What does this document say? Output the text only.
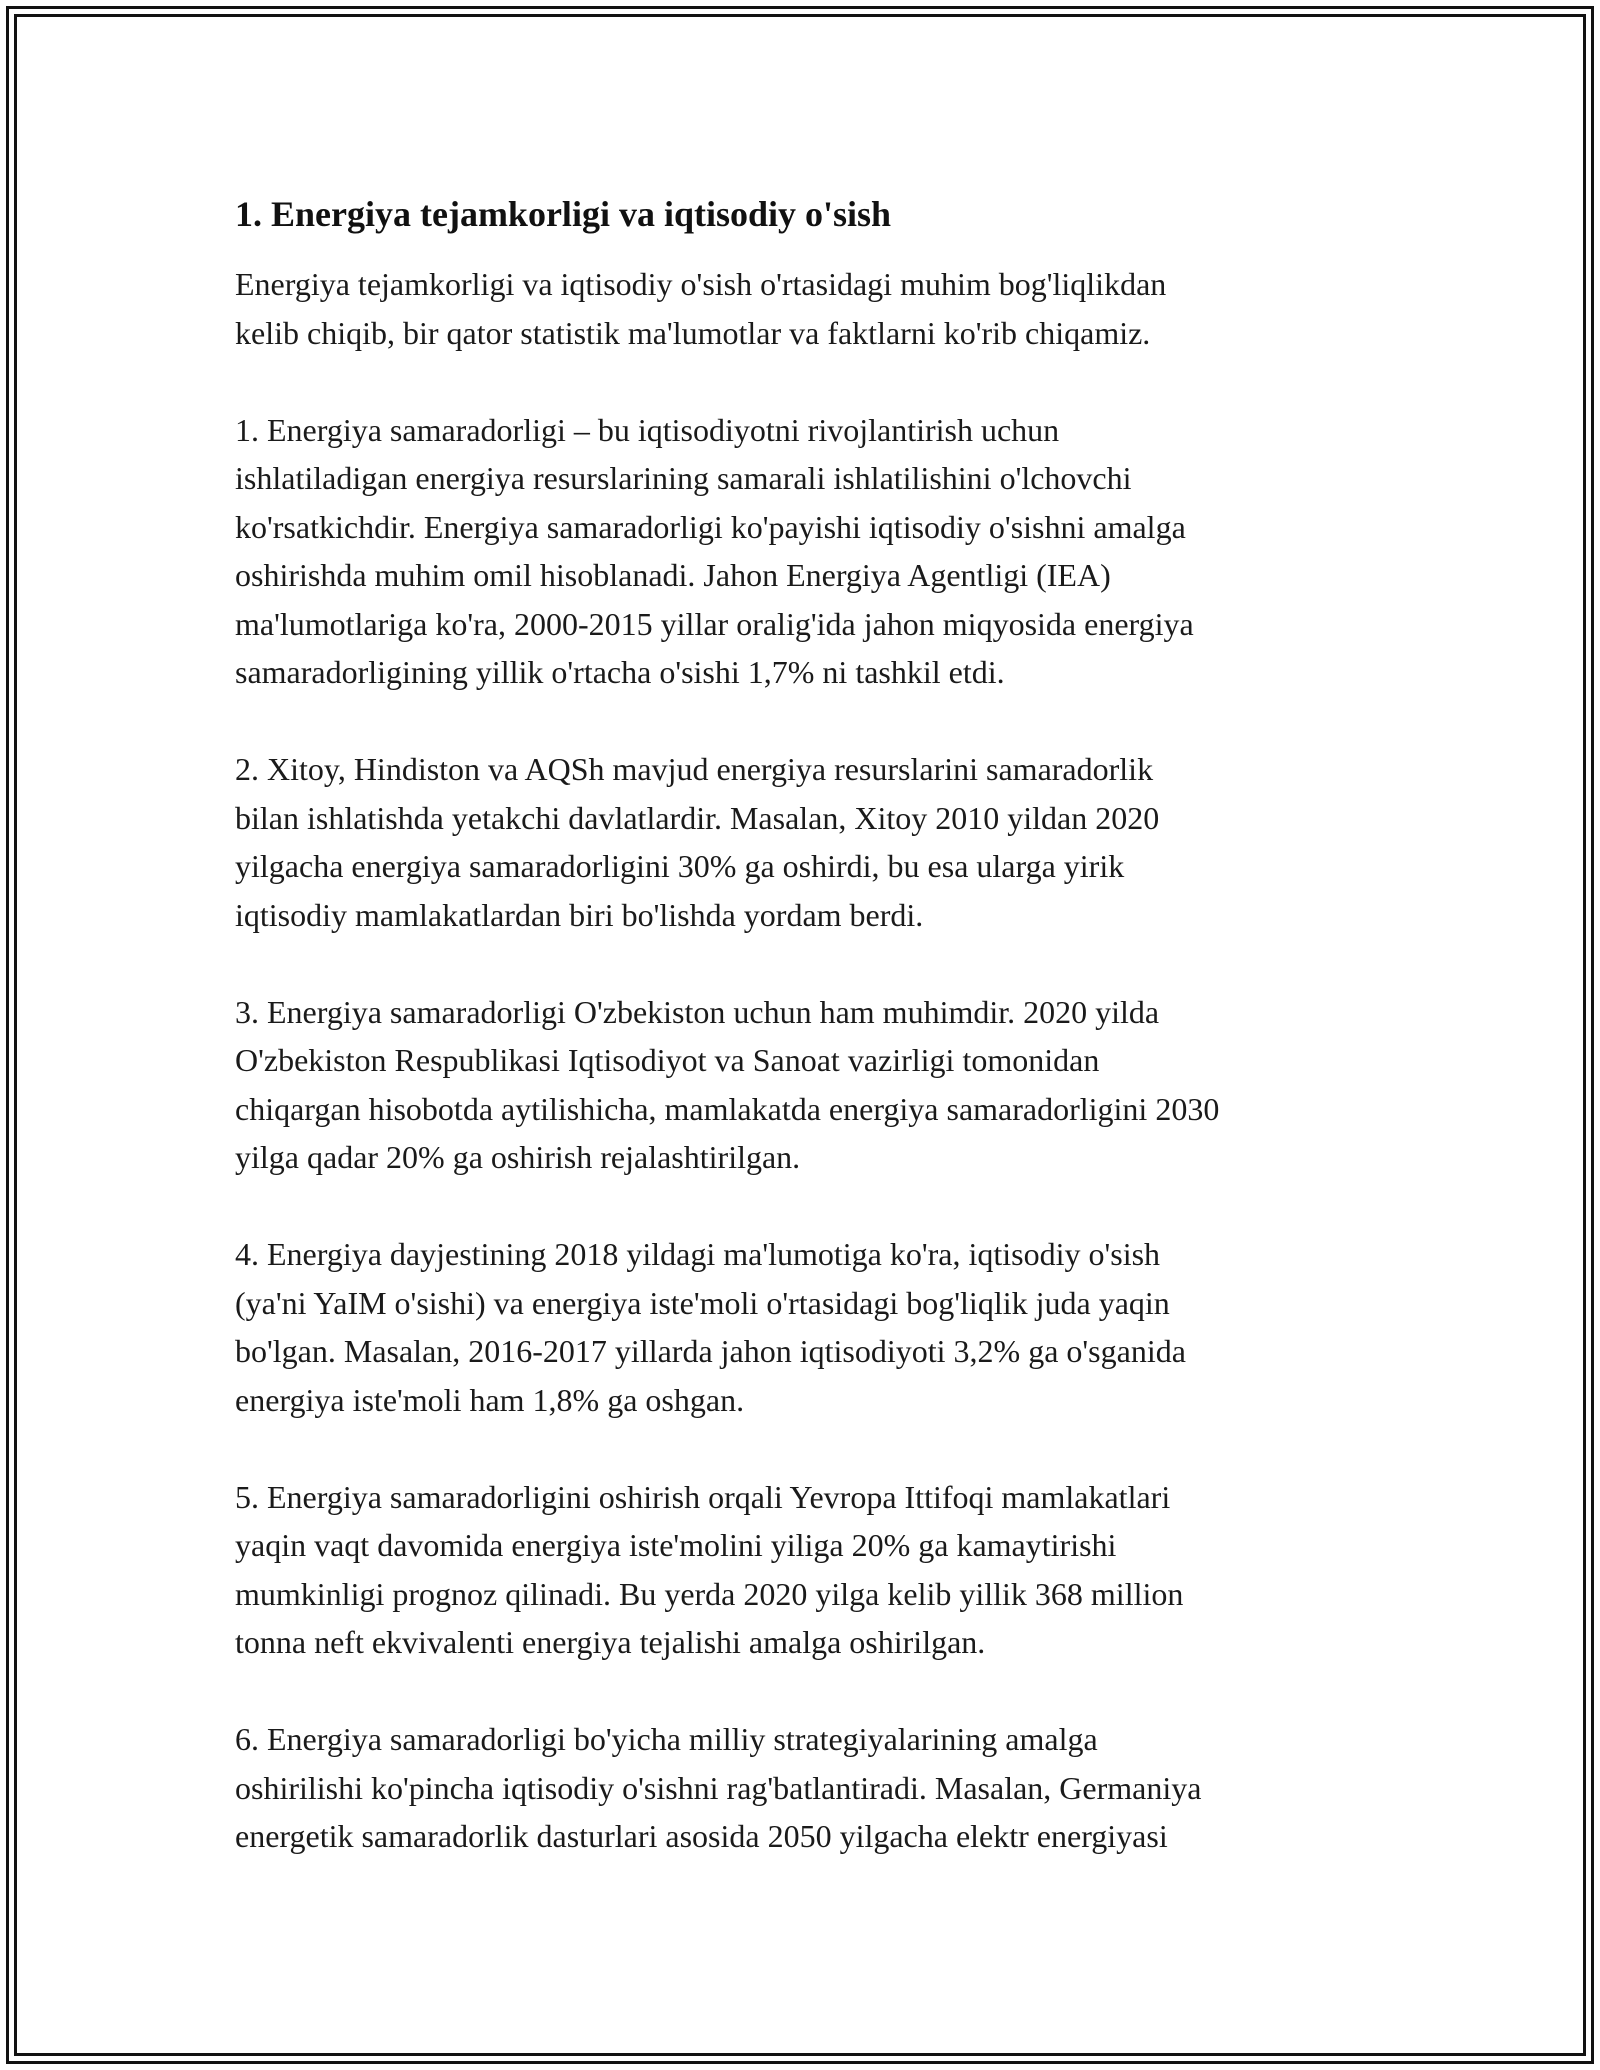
1. Energiya tejamkorligi va iqtisodiy o'sish

Energiya tejamkorligi va iqtisodiy o'sish o'rtasidagi muhim bog'liqlikdan
kelib chiqib, bir qator statistik ma'lumotlar va faktlarni ko'rib chiqamiz.

1. Energiya samaradorligi – bu iqtisodiyotni rivojlantirish uchun
ishlatiladigan energiya resurslarining samarali ishlatilishini o'lchovchi
ko'rsatkichdir. Energiya samaradorligi ko'payishi iqtisodiy o'sishni amalga
oshirishda muhim omil hisoblanadi. Jahon Energiya Agentligi (IEA)
ma'lumotlariga ko'ra, 2000-2015 yillar oralig'ida jahon miqyosida energiya
samaradorligining yillik o'rtacha o'sishi 1,7% ni tashkil etdi.

2. Xitoy, Hindiston va AQSh mavjud energiya resurslarini samaradorlik
bilan ishlatishda yetakchi davlatlardir. Masalan, Xitoy 2010 yildan 2020
yilgacha energiya samaradorligini 30% ga oshirdi, bu esa ularga yirik
iqtisodiy mamlakatlardan biri bo'lishda yordam berdi.

3. Energiya samaradorligi O'zbekiston uchun ham muhimdir. 2020 yilda
O'zbekiston Respublikasi Iqtisodiyot va Sanoat vazirligi tomonidan
chiqargan hisobotda aytilishicha, mamlakatda energiya samaradorligini 2030
yilga qadar 20% ga oshirish rejalashtirilgan.

4. Energiya dayjestining 2018 yildagi ma'lumotiga ko'ra, iqtisodiy o'sish
(ya'ni YaIM o'sishi) va energiya iste'moli o'rtasidagi bog'liqlik juda yaqin
bo'lgan. Masalan, 2016-2017 yillarda jahon iqtisodiyoti 3,2% ga o'sganida
energiya iste'moli ham 1,8% ga oshgan.

5. Energiya samaradorligini oshirish orqali Yevropa Ittifoqi mamlakatlari
yaqin vaqt davomida energiya iste'molini yiliga 20% ga kamaytirishi
mumkinligi prognoz qilinadi. Bu yerda 2020 yilga kelib yillik 368 million
tonna neft ekvivalenti energiya tejalishi amalga oshirilgan.

6. Energiya samaradorligi bo'yicha milliy strategiyalarining amalga
oshirilishi ko'pincha iqtisodiy o'sishni rag'batlantiradi. Masalan, Germaniya
energetik samaradorlik dasturlari asosida 2050 yilgacha elektr energiyasi
